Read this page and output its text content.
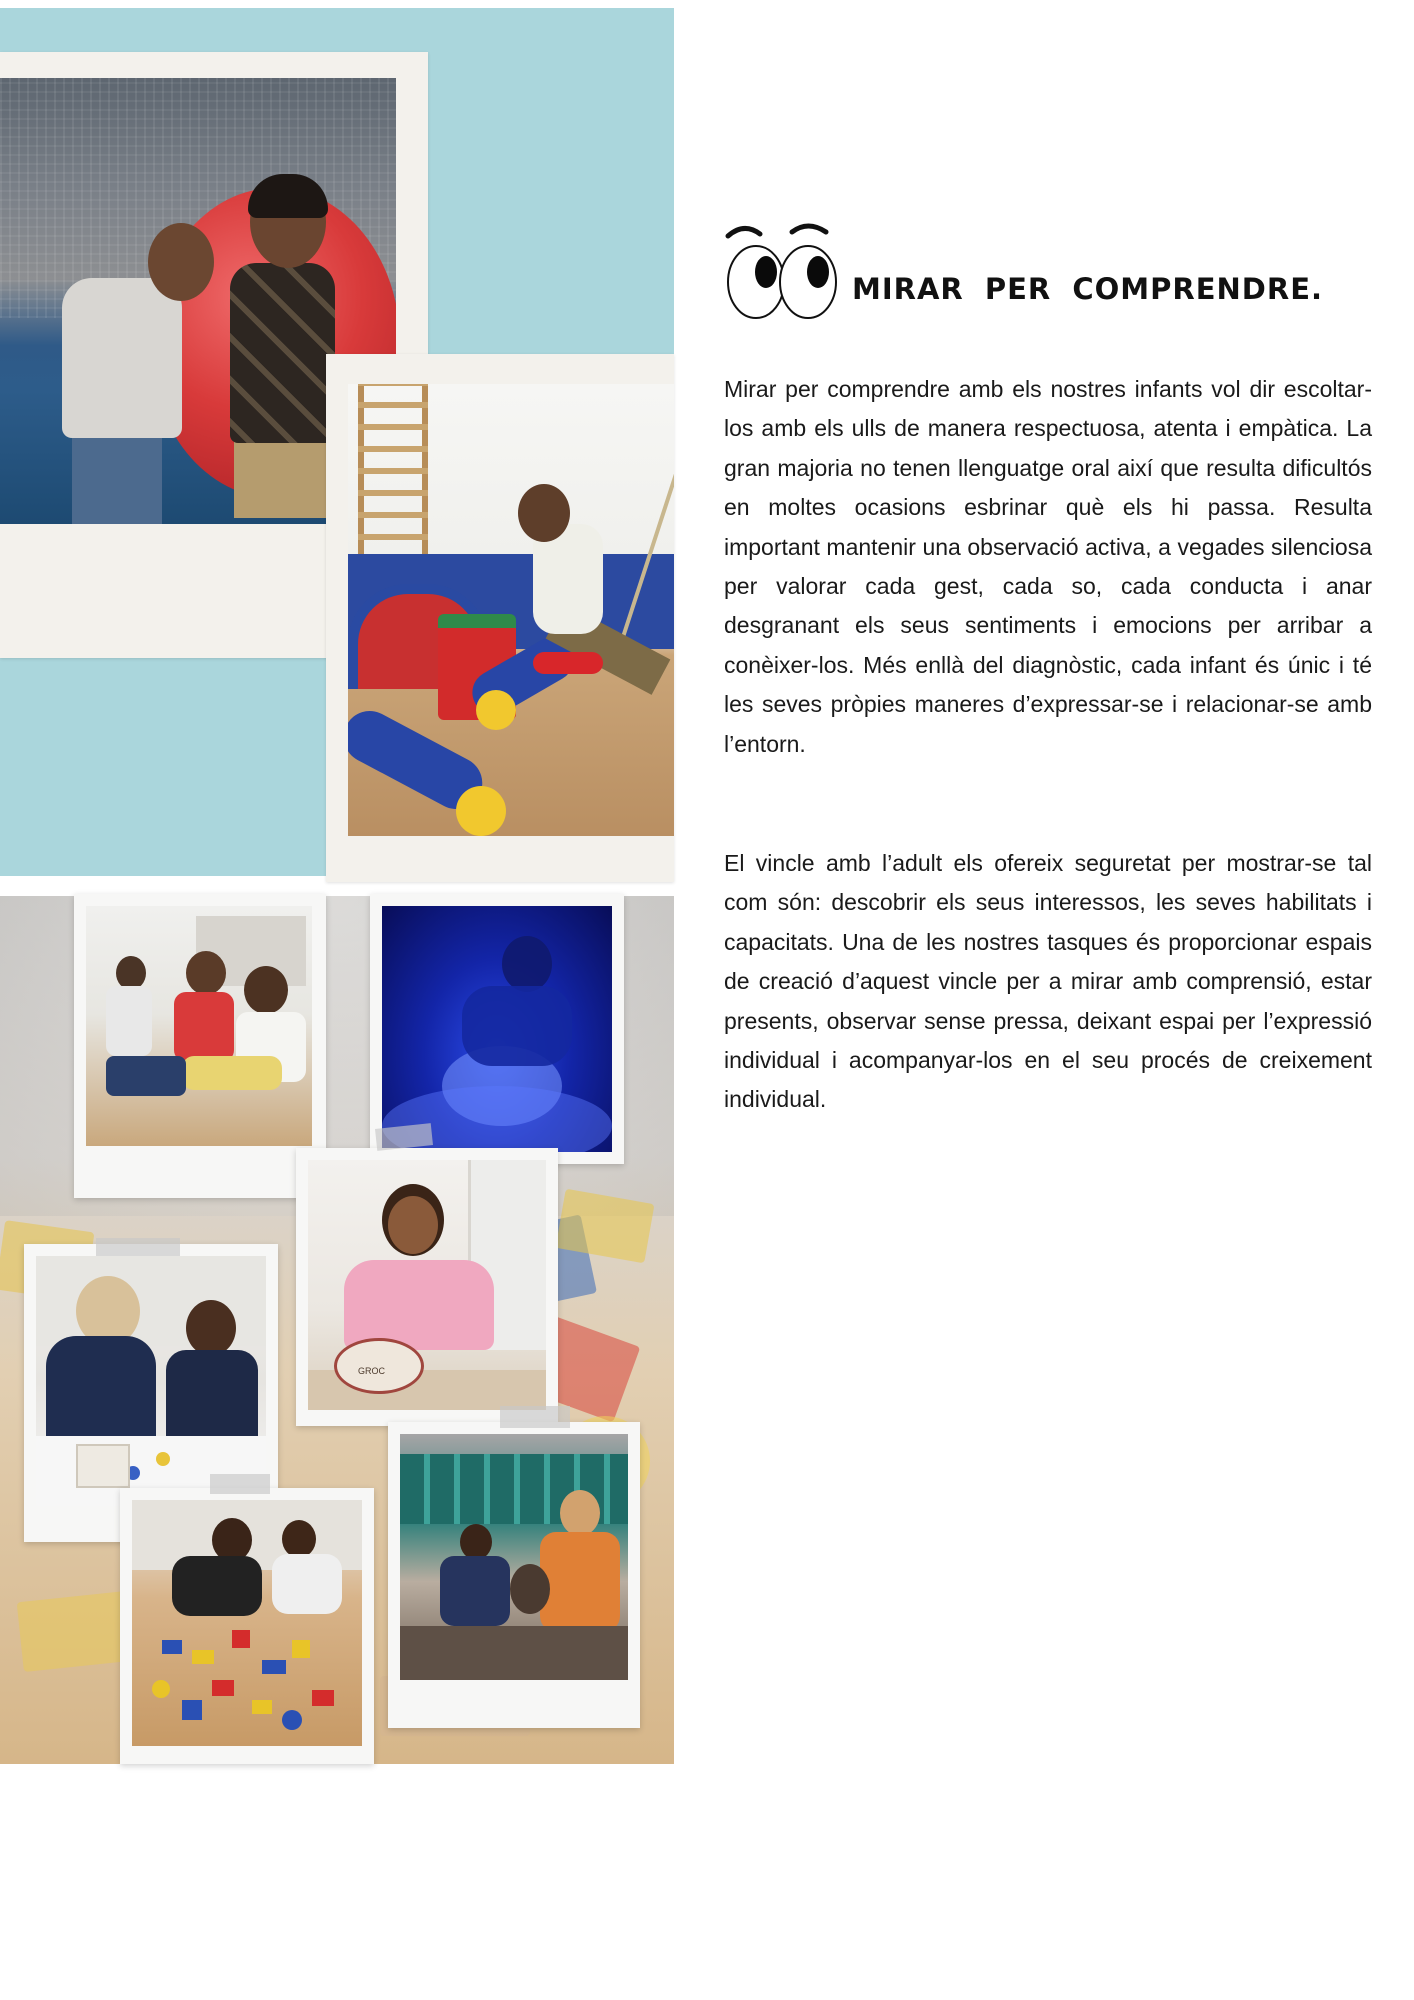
GROC
MIRAR PER COMPRENDRE.

Mirar per comprendre amb els nostres infants vol dir escoltar-los amb els ulls de manera respectuosa, atenta i empàtica. La gran majoria no tenen llenguatge oral així que resulta dificultós en moltes ocasions esbrinar què els hi passa. Resulta important mantenir una observació activa, a vegades silenciosa per valorar cada gest, cada so, cada conducta i anar desgranant els seus sentiments i emocions per arribar a conèixer-los. Més enllà del diagnòstic, cada infant és únic i té les seves pròpies maneres d’expressar-se i relacionar-se amb l’entorn.

El vincle amb l’adult els ofereix seguretat per mostrar-se tal com són: descobrir els seus interessos, les seves habilitats i capacitats. Una de les nostres tasques és proporcionar espais de creació d’aquest vincle per a mirar amb comprensió, estar presents, observar sense pressa, deixant espai per l’expressió individual i acompanyar-los en el seu procés de creixement individual.
